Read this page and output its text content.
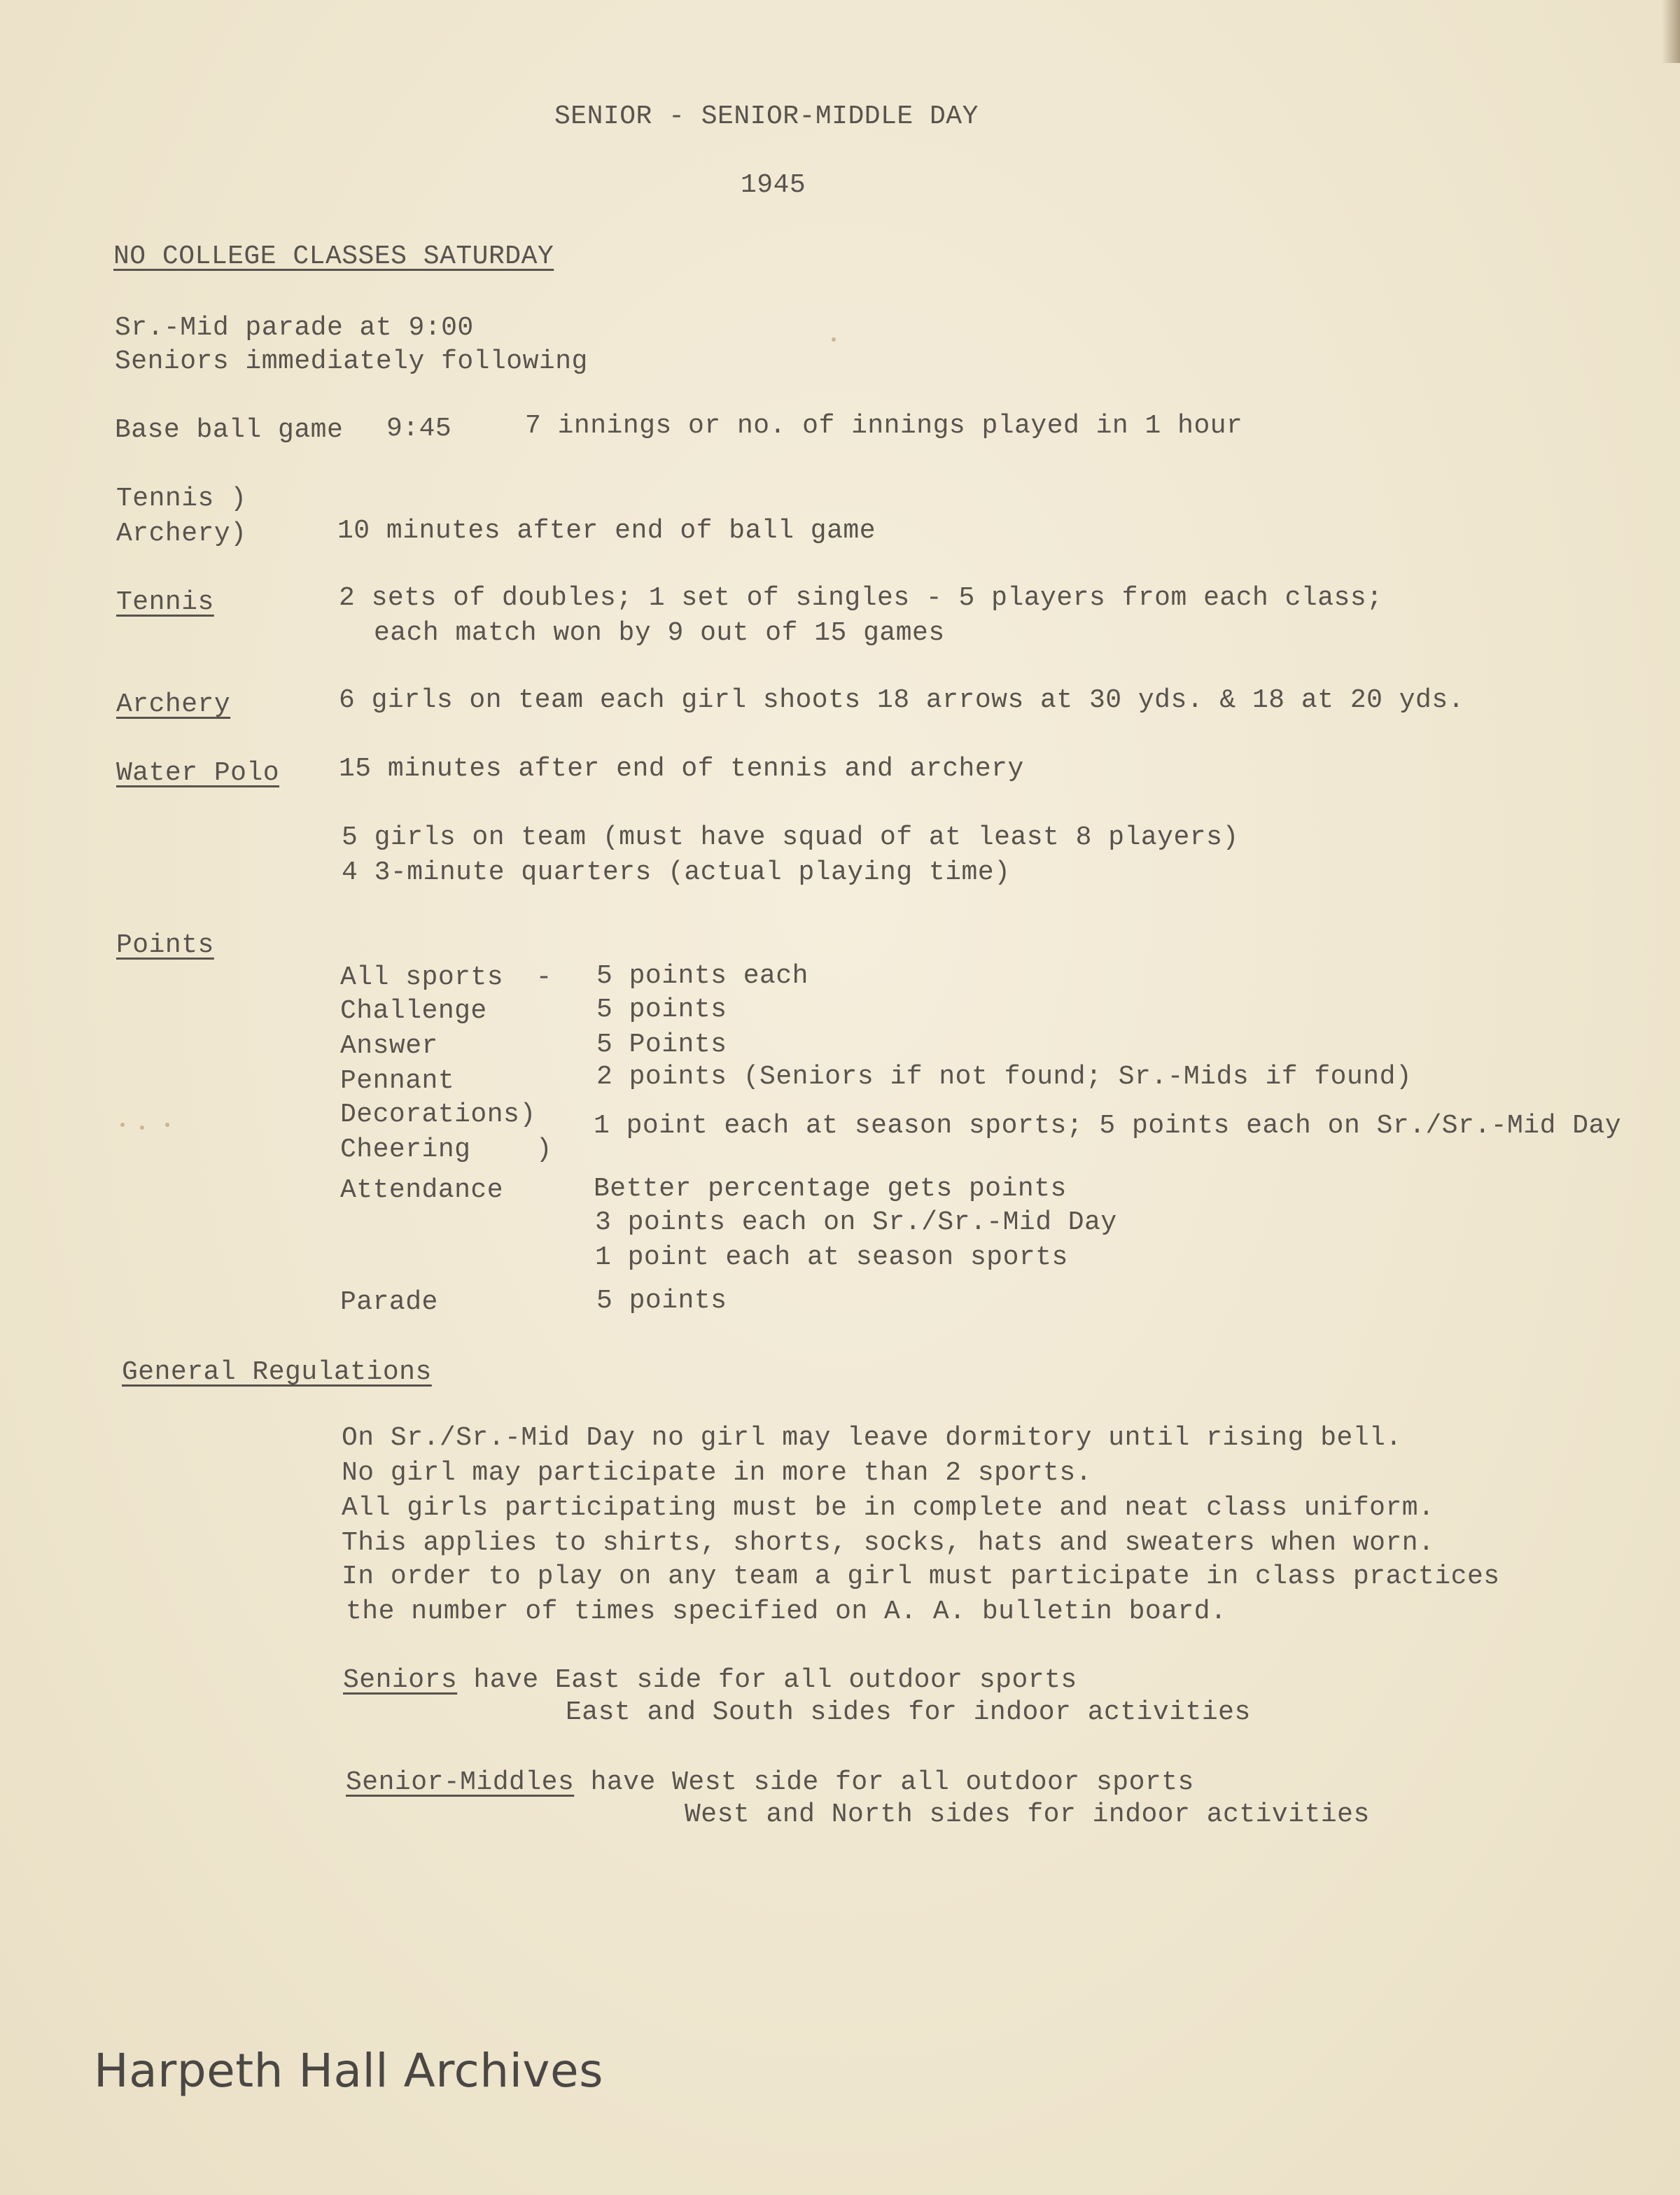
SENIOR - SENIOR-MIDDLE DAY
1945
NO COLLEGE CLASSES SATURDAY
Sr.-Mid parade at 9:00
Seniors immediately following
Base ball game 9:45	7 innings or no. of innings played in 1 hour
Tennis )
Archery)	10 minutes after end of ball game
Tennis	2 sets of doubles; 1 set of singles - 5 players from each class;
each match won by 9 out of 15 games
Archery	6 girls on team each girl shoots 18 arrows at 30 yds. & 18 at 20 yds.
Water Polo 15 minutes after end of tennis and archery
5 girls on team (must have squad of at least 8 players)
4 3-minute quarters (actual playing time)
Points
All sports  - 5 points each
Challenge	5 points
Answer	5 Points
Pennant	2 points (Seniors if not found; Sr.-Mids if found)
Decorations) 1 point each at season sports; 5 points each on Sr./Sr.-Mid Day
Cheering    )
Attendance	Better percentage gets points
3 points each on Sr./Sr.-Mid Day
1 point each at season sports
Parade	5 points
General Regulations
On Sr./Sr.-Mid Day no girl may leave dormitory until rising bell.
No girl may participate in more than 2 sports.
All girls participating must be in complete and neat class uniform.
This applies to shirts, shorts, socks, hats and sweaters when worn.
In order to play on any team a girl must participate in class practices
the number of times specified on A. A. bulletin board.
Seniors have East side for all outdoor sports
East and South sides for indoor activities
Senior-Middles have West side for all outdoor sports
West and North sides for indoor activities
Harpeth Hall Archives
